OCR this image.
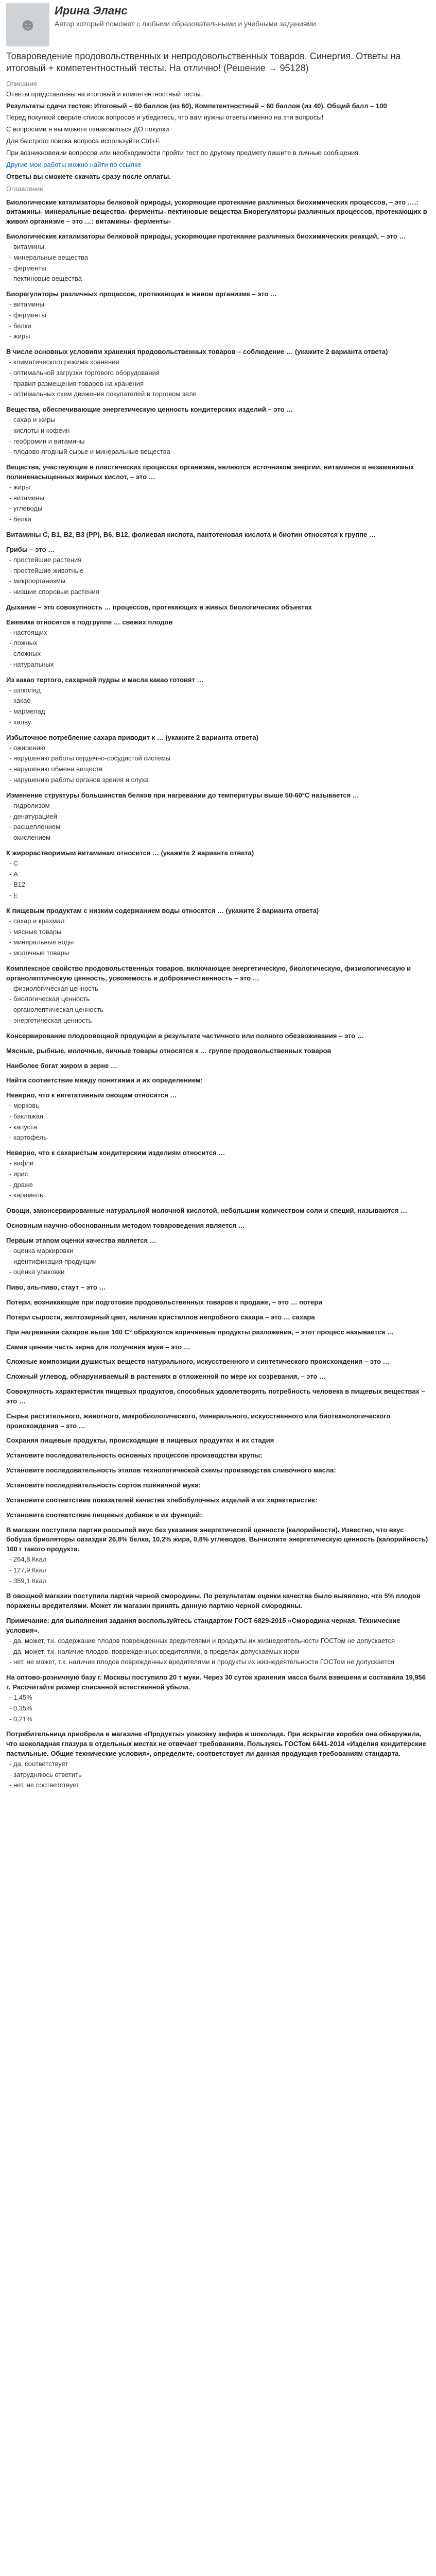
☻
Ирина Эланс
Автор который поможет с любыми образовательными и учебными заданиями
Товароведение продовольственных и непродовольственных товаров. Синергия. Ответы на итоговый + компетентностный тесты. На отлично! (Решение → 95128)
Описание
Ответы представлены на итоговый и компетентностный тесты.
Результаты сдачи тестов: Итоговый – 60 баллов (из 60), Компетентностный – 60 баллов (из 40). Общий балл – 100
Перед покупкой сверьте список вопросов и убедитесь, что вам нужны ответы именно на эти вопросы!
С вопросами я вы можете ознакомиться ДО покупки.
Для быстрого поиска вопроса используйте Ctrl+F.
При возникновении вопросов или необходимости пройти тест по другому предмету пишите в личные сообщения
Другие мои работы можно найти по ссылке
Ответы вы сможете скачать сразу после оплаты.
Оглавление
Биологические катализаторы белковой природы, ускоряющие протекание различных биохимических процессов, – это ….: витамины- минеральные вещества- ферменты- пектиновые вещества Биорегуляторы различных процессов, протекающих в живом организме – это …: витамины- ферменты-
Биологические катализаторы белковой природы, ускоряющие протекание различных биохимических реакций, – это …
- витамины
- минеральные вещества
- ферменты
- пектиновые вещества
Биорегуляторы различных процессов, протекающих в живом организме – это …
- витамины
- ферменты
- белки
- жиры
В числе основных условиям хранения продовольственных товаров – соблюдение … (укажите 2 варианта ответа)
- климатического режима хранения
- оптимальной загрузки торгового оборудования
- правил размещения товаров на хранения
- оптимальных схем движения покупателей в торговом зале
Вещества, обеспечивающие энергетическую ценность кондитерских изделий – это …
- сахар и жиры
- кислоты и кофеин
- геобромин и витамины
- плодово-ягодный сырье и минеральные вещества
Вещества, участвующие в пластических процессах организма, являются источником энергии, витаминов и незаменимых полиненасыщенных жирных кислот, – это …
- жиры
- витамины
- углеводы
- белки
Витамины C, B1, B2, B3 (PP), B6, B12, фолиевая кислота, пантотеновая кислота и биотин относятся к группе …
Грибы – это …
- простейшие растения
- простейшие животные
- микроорганизмы
- низшие споровые растения
Дыхание – это совокупность … процессов, протекающих в живых биологических объектах
Ежевика относится к подгруппе … свежих плодов
- настоящих
- ложных
- сложных
- натуральных
Из какао тертого, сахарной пудры и масла какао готовят …
- шоколад
- какао
- мармелад
- халву
Избыточное потребление сахара приводит к … (укажите 2 варианта ответа)
- ожирению
- нарушению работы сердечно-сосудистой системы
- нарушению обмена веществ
- нарушению работы органов зрения и слуха
Изменение структуры большинства белков при нагревании до температуры выше 50-60°С называется …
- гидролизом
- денатурацией
- расщеплением
- окислением
К жирорастворимым витаминам относится … (укажите 2 варианта ответа)
- С
- А
- В12
- Е
К пищевым продуктам с низким содержанием воды относятся … (укажите 2 варианта ответа)
- сахар и крахмал
- мясные товары
- минеральные воды
- молочные товары
Комплексное свойство продовольственных товаров, включающее энергетическую, биологическую, физиологическую и органолептическую ценность, усвояемость и доброкачественность – это …
- физиологическая ценность
- биологическая ценность
- органолептическая ценность
- энергетическая ценность
Консервирование плодоовощной продукции в результате частичного или полного обезвоживания – это …
Мясные, рыбные, молочные, яичные товары относятся к … группе продовольственных товаров
Наиболее богат жиром в зерне …
Найти соответствие между понятиями и их определением:
Неверно, что к вегетативным овощам относится …
- морковь
- баклажан
- капуста
- картофель
Неверно, что к сахаристым кондитерским изделиям относится …
- вафли
- ирис
- драже
- карамель
Овощи, законсервированные натуральной молочной кислотой, небольшим количеством соли и специй, называются …
Основным научно-обоснованным методом товароведения является …
Первым этапом оценки качества является …
- оценка маркировки
- идентификация продукции
- оценка упаковки
Пиво, эль-пиво, стаут – это …
Потери, возникающие при подготовке продовольственных товаров к продаже, – это … потери
Потери сырости, желтозерный цвет, наличие кристаллов непробного сахара – это … сахара
При нагревании сахаров выше 160 С° образуются коричневые продукты разложения, – этот процесс называется …
Самая ценная часть зерна для получения муки – это …
Сложные композиции душистых веществ натурального, искусственного и синтетического происхождения – это …
Сложный углевод, обнаруживаемый в растениях в отложенной по мере их созревания, – это …
Совокупность характеристик пищевых продуктов, способных удовлетворять потребность человека в пищевых веществах – это …
Сырье растительного, животного, микробиологического, минерального, искусственного или биотехнологического происхождения – это …
Сохраняя пищевые продукты, происходящие в пищевых продуктах и их стадия
Установите последовательность основных процессов производства крупы:
Установите последовательность этапов технологической схемы производства сливочного масла:
Установите последовательность сортов пшеничной муки:
Установите соответствие показателей качества хлебобулочных изделий и их характеристик:
Установите соответствие пищевых добавок и их функций:
В магазин поступила партия россыпей вкус без указания энергетической ценности (калорийности). Известно, что вкус бобуша бриоляторы оазаздки 26,8% белка, 10,2% жира, 0,8% углеводов. Вычислите энергетическую ценность (калорийность) 100 г такого продукта.
- 264,8 Ккал
- 127,9 Ккал
- 359,1 Ккал
В овощной магазин поступила партия черной смородины. По результатам оценки качества было выявлено, что 5% плодов поражены вредителями. Может ли магазин принять данную партию черной смородины.
Примечание: для выполнения задания воспользуйтесь стандартом ГОСТ 6829-2015 «Смородина черная. Технические условия».
- да, может, т.к. содержание плодов поврежденных вредителями и продукты их жизнедеятельности ГОСТом не допускается
- да, может, т.к. наличие плодов, поврежденных вредителями, в пределах допускаемых норм
- нет, не может, т.к. наличие плодов поврежденных вредителями и продукты их жизнедеятельности ГОСТом не допускается
На оптово-розничную базу г. Москвы поступило 20 т муки. Через 30 суток хранения масса была взвешена и составила 19,956 т. Рассчитайте размер списанной естественной убыли.
- 1,45%
- 0,35%
- 0,21%
Потребительница приобрела в магазине «Продукты» упаковку зефира в шоколаде. При вскрытии коробки она обнаружила, что шоколадная глазура в отдельных местах не отвечает требованиям. Пользуясь ГОСТом 6441-2014 «Изделия кондитерские пастильные. Общие технические условия», определите, соответствует ли данная продукция требованиям стандарта.
- да, соответствует
- затрудняюсь ответить
- нет, не соответствует
